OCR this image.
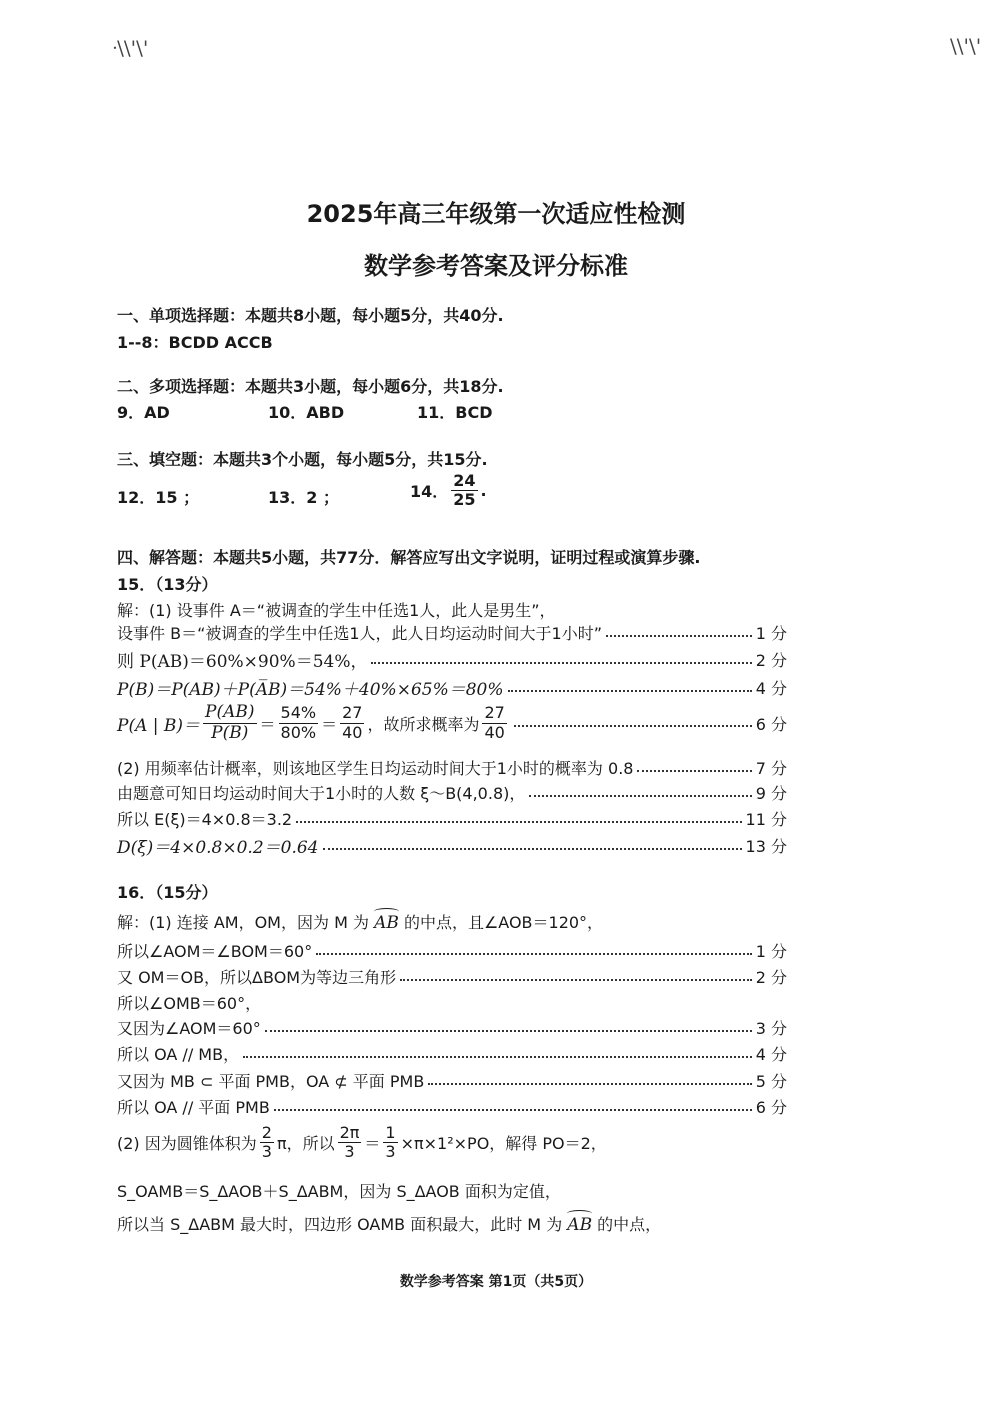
ᐧ\\'\'	\\'\'
2025年高三年级第一次适应性检测
数学参考答案及评分标准
一、单项选择题：本题共8小题，每小题5分，共40分.
1--8：BCDD ACCB
二、多项选择题：本题共3小题，每小题6分，共18分.
9．AD	10．ABD	11．BCD
三、填空题：本题共3个小题，每小题5分，共15分.
12．15 ；	13．2 ；	14． $\frac{24}{25}$ .
四、解答题：本题共5小题，共77分．解答应写出文字说明，证明过程或演算步骤.
15．（13分）
解：(1) 设事件 A＝“被调查的学生中任选1人，此人是男生”，
设事件 B＝“被调查的学生中任选1人，此人日均运动时间大于1小时”	1 分
则 P(AB)＝60%×90%＝54%，	2 分
P(B)＝P(AB)＋P(A̅B)＝54%＋40%×65%＝80%	4 分
P(A | $B)= \frac{P(AB)}{P(B)} = \frac{54\%}{80\%} = \frac{27}{40}$ ，故所求概率为 $\frac{27}{40}$	6 分
(2) 用频率估计概率，则该地区学生日均运动时间大于1小时的概率为 0.8	7 分
由题意可知日均运动时间大于1小时的人数 ξ～B(4,0.8)，	9 分
所以 E(ξ)＝4×0.8＝3.2	11 分
D(ξ)＝4×0.8×0.2＝0.64	13 分
16．（15分）
解：(1) 连接 AM，OM，因为 M 为 AB 的中点，且∠AOB＝120°，
所以∠AOM＝∠BOM＝60°	1 分
又 OM＝OB，所以ΔBOM为等边三角形	2 分
所以∠OMB＝60°，
又因为∠AOM＝60°	3 分
所以 OA // MB，	4 分
又因为 MB ⊂ 平面 PMB，OA ⊄ 平面 PMB	5 分
所以 OA // 平面 PMB	6 分
(2) 因为圆锥体积为 $\frac{2}{3}$ π，所以 $\frac{2\pi}{3} = \frac{1}{3} \times\pi\times 1^2\times PO$，解得 PO＝2，
S_OAMB＝S_ΔAOB＋S_ΔABM，因为 S_ΔAOB 面积为定值，
所以当 S_ΔABM 最大时，四边形 OAMB 面积最大，此时 M 为 AB 的中点，
数学参考答案 第1页（共5页）
